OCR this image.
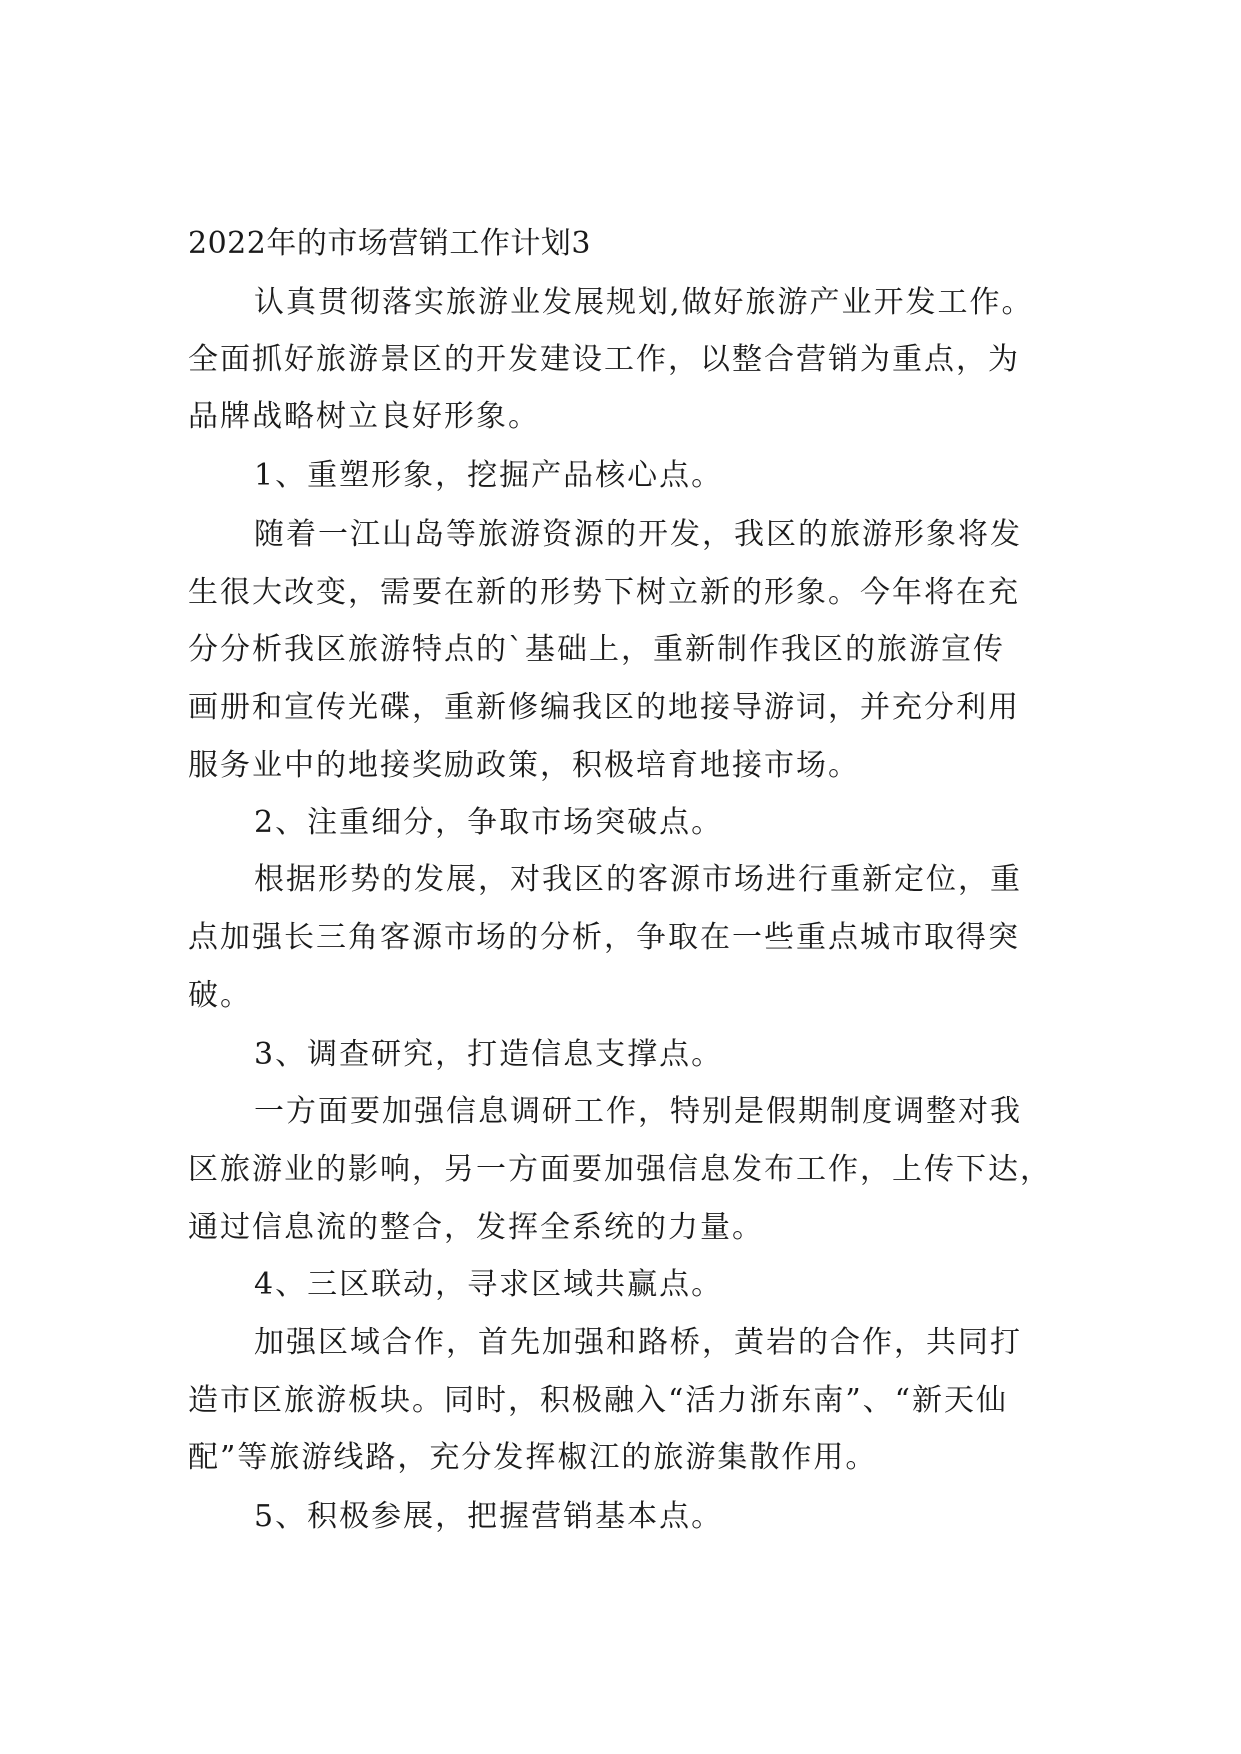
2022年的市场营销工作计划3
认真贯彻落实旅游业发展规划,做好旅游产业开发工作。
全面抓好旅游景区的开发建设工作，以整合营销为重点，为
品牌战略树立良好形象。
1、重塑形象，挖掘产品核心点。
随着一江山岛等旅游资源的开发，我区的旅游形象将发
生很大改变，需要在新的形势下树立新的形象。今年将在充
分分析我区旅游特点的`基础上，重新制作我区的旅游宣传
画册和宣传光碟，重新修编我区的地接导游词，并充分利用
服务业中的地接奖励政策，积极培育地接市场。
2、注重细分，争取市场突破点。
根据形势的发展，对我区的客源市场进行重新定位，重
点加强长三角客源市场的分析，争取在一些重点城市取得突
破。
3、调查研究，打造信息支撑点。
一方面要加强信息调研工作，特别是假期制度调整对我
区旅游业的影响，另一方面要加强信息发布工作，上传下达，
通过信息流的整合，发挥全系统的力量。
4、三区联动，寻求区域共赢点。
加强区域合作，首先加强和路桥，黄岩的合作，共同打
造市区旅游板块。同时，积极融入“活力浙东南”、“新天仙
配”等旅游线路，充分发挥椒江的旅游集散作用。
5、积极参展，把握营销基本点。
